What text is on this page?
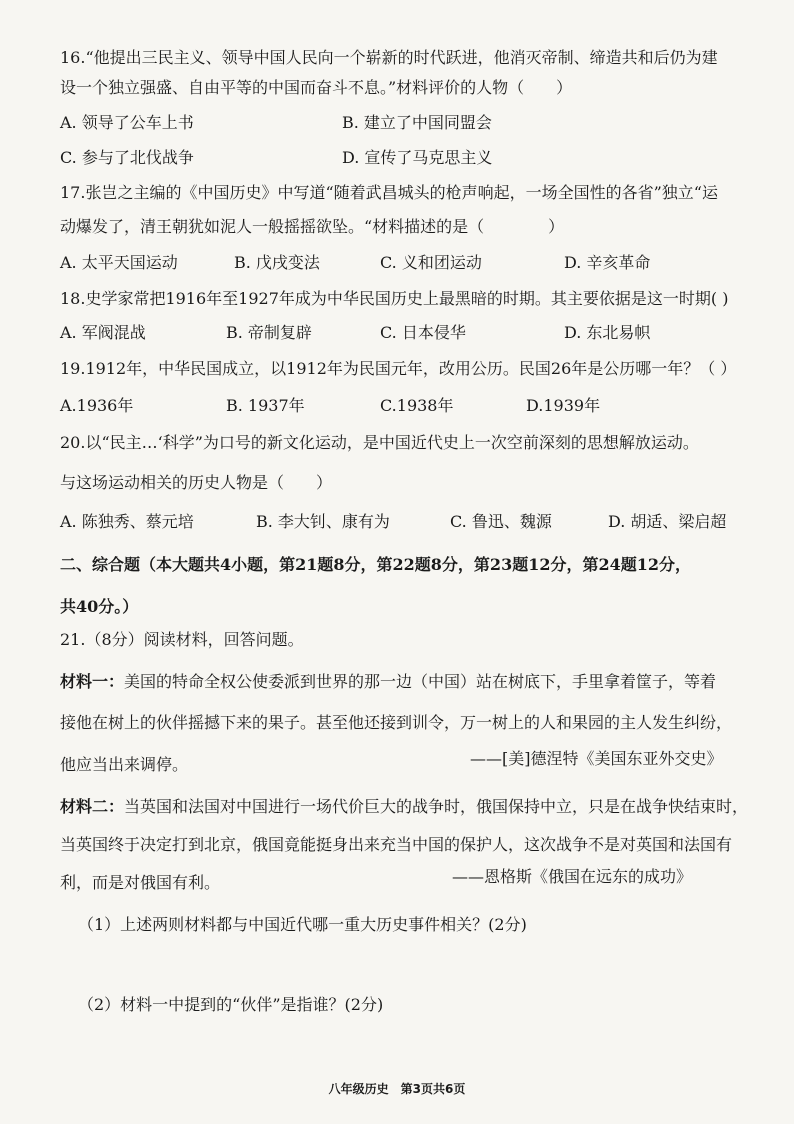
16.“他提出三民主义、领导中国人民向一个崭新的时代跃进，他消灭帝制、缔造共和后仍为建
设一个独立强盛、自由平等的中国而奋斗不息。”材料评价的人物（　　）
A. 领导了公车上书	B. 建立了中国同盟会
C. 参与了北伐战争	D. 宣传了马克思主义
17.张岂之主编的《中国历史》中写道“随着武昌城头的枪声响起，一场全国性的各省”独立“运
动爆发了，清王朝犹如泥人一般摇摇欲坠。“材料描述的是（　　　　）
A. 太平天国运动	B. 戊戌变法	C. 义和团运动	D. 辛亥革命
18.史学家常把1916年至1927年成为中华民国历史上最黑暗的时期。其主要依据是这一时期( )
A. 军阀混战	B. 帝制复辟	C. 日本侵华	D. 东北易帜
19.1912年，中华民国成立，以1912年为民国元年，改用公历。民国26年是公历哪一年？（ ）
A.1936年	B. 1937年	C.1938年	D.1939年
20.以“民主…‘科学”为口号的新文化运动，是中国近代史上一次空前深刻的思想解放运动。
与这场运动相关的历史人物是（　　）
A. 陈独秀、蔡元培	B. 李大钊、康有为	C. 鲁迅、魏源	D. 胡适、梁启超
二、综合题（本大题共4小题，第21题8分，第22题8分，第23题12分，第24题12分，
共40分。）
21.（8分）阅读材料，回答问题。
材料一：美国的特命全权公使委派到世界的那一边（中国）站在树底下，手里拿着筐子，等着
接他在树上的伙伴摇撼下来的果子。甚至他还接到训令，万一树上的人和果园的主人发生纠纷，
他应当出来调停。	——[美]德涅特《美国东亚外交史》
材料二：当英国和法国对中国进行一场代价巨大的战争时，俄国保持中立，只是在战争快结束时，
当英国终于决定打到北京，俄国竟能挺身出来充当中国的保护人，这次战争不是对英国和法国有
利，而是对俄国有利。	——恩格斯《俄国在远东的成功》
（1）上述两则材料都与中国近代哪一重大历史事件相关？(2分)
（2）材料一中提到的“伙伴”是指谁？(2分)
八年级历史　第3页共6页
